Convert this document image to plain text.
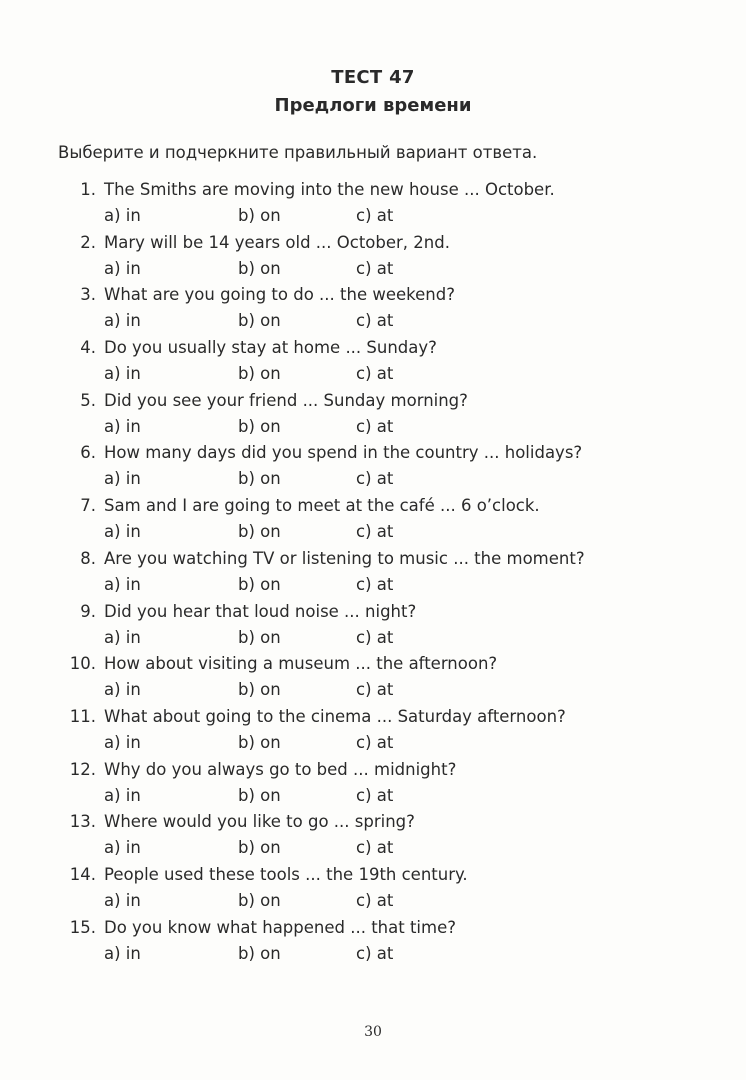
ТЕСТ 47
Предлоги времени
Выберите и подчеркните правильный вариант ответа.
1. The Smiths are moving into the new house ... October.
a) in	b) on	c) at
2. Mary will be 14 years old ... October, 2nd.
a) in	b) on	c) at
3. What are you going to do ... the weekend?
a) in	b) on	c) at
4. Do you usually stay at home ... Sunday?
a) in	b) on	c) at
5. Did you see your friend ... Sunday morning?
a) in	b) on	c) at
6. How many days did you spend in the country ... holidays?
a) in	b) on	c) at
7. Sam and I are going to meet at the café ... 6 o’clock.
a) in	b) on	c) at
8. Are you watching TV or listening to music ... the moment?
a) in	b) on	c) at
9. Did you hear that loud noise ... night?
a) in	b) on	c) at
10. How about visiting a museum ... the afternoon?
a) in	b) on	c) at
11. What about going to the cinema ... Saturday afternoon?
a) in	b) on	c) at
12. Why do you always go to bed ... midnight?
a) in	b) on	c) at
13. Where would you like to go ... spring?
a) in	b) on	c) at
14. People used these tools ... the 19th century.
a) in	b) on	c) at
15. Do you know what happened ... that time?
a) in	b) on	c) at
30
